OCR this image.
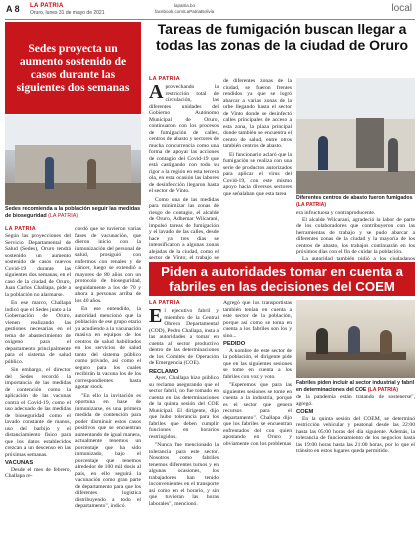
A 8 LA PATRIA
Oruro, lunes 31 de mayo de 2021
lapatria.bo
facebook.com/LaPatriaBolivia	local
Sedes proyecta un aumento sostenido de casos durante las siguientes dos semanas
Sedes recomienda a la población seguir las medidas de bioseguridad (LA PATRIA)
LA PATRIA

Según las proyecciones del Servicio Departamental de Salud (Sedes), Oruro tendrá sostenido un aumento sostenido de casos nuevos Covid-19 durante las siguientes dos semanas, en el caso de la ciudad de Oruro, Juan Carlos Challapa, pide a la población no alarmarse.

En ese marco, Challapa indicó que el Sedes junto a la Gobernación de Oruro, vienen realizando las gestiones necesarias en el tema de abastecimiento de oxígeno para el departamento principalmente para el sistema de salud público.

Sin embargo, el director del Sedes recordó la importancia de las medidas de contención como la aplicación de las vacunas contra el Covid-19, como el uso adecuado de las medidas de bioseguridad como el lavado constante de manos, uso del barbijo y el distanciamiento físico para que los datos establecidos crezcan a un descenso en las próximas semanas.

VACUNAS

Desde el mes de febrero, Challapa re-

cordó que se tuvieron varias fases de vacunación, que dieron inicio con la inmunización del personal de salud, prosiguió con enfermos con renales y de cáncer, luego se extendió a mayores de 80 años con un protocolo de bioseguridad, seguidamente a los de 70 y ahora a personas arriba de los 40 años.

En ese entendido, la autoridad mencionó que la población de ese grupo etario ya acudiendo a la vacunación masiva en equipos de los centros de salud habilitados en los servicios de salud tanto del sistema público como privado, así como el seguro para los cuales recibirán la vacuna los de los correspondientes hasta agotar stock.

"En ello la invitación es oportuna en base de inmunizarse, es una primera medida de contención para poder disminuir estos casos positivos que se encuentran aumentando de igual manera, actualmente tenemos un porcentaje que ha sido inmunizado, bajo el porcentaje que tenemos alrededor de 100 mil dosis al país, en ello seguirá la vacunación como gran parte de departamento para que los diferentes logística distribuyendo a todo el departamento", indicó.

Tareas de fumigación buscan llegar a todas las zonas de la ciudad de Oruro
LA PATRIA

Aprovechando la restricción total de circulación, las diferentes unidades del Gobierno Autónomo Municipal de Oruro, continuaron con los procesos de fumigación de calles, centros de abasto y sectores de mucha concurrencia como una forma de apoyar las acciones de contagio del Covid-19 que está castigando con todo su rigor a la región en esta tercera ola, en esta ocasión las labores de desinfección llegaron hasta el sector de Vinto.

Como una de las medidas para minimizar las zonas de riesgo de contagio, el alcalde de Oruro, Adhemar Wilcarani, impulsó tareas de fumigación y el lavado de las calles, desde hace ya tres días se intensificaron a algunas zonas alejadas de la ciudad, como el sector de Vinto; el trabajo se

de diferentes zonas de la ciudad, se fueron frentes rendidos ya que se logró abarcar a varias zonas de la urbe llegando hasta el sector de Vinto donde se desinfectó calles principales de acceso a esta zona, la plaza principal donde también se encuentra el centro de salud, entre otros también centros de abasto.

El funcionario aclaró que la fumigación se realiza con una serie de productos autorizados para aplicar el virus del Covid-19, con este mismo apoyo hacia diversos sectores que señalaban que esta tarea

Diferentes centros de abasto fueron fumigados (LA PATRIA)

era infructuosa y contraproducente.

El alcalde Wilcarani, agradeció la labor de parte de los colaboradores que contribuyeron con las herramientas de trabajo y se pudo abarcar a diferentes zonas de la ciudad y la mayoría de los centros de abasto, los trabajos continuarán en los próximos días con el fin de cuidar la población.

La autoridad también pidió a los ciudadanos

Piden a autoridades tomar en cuenta a fabriles en las decisiones del COEM
LA PATRIA

El ejecutivo fabril y miembro de la Central Obrera Departamental (COD), Pedro Challapa, insta a las autoridades a tomar en cuenta al sector productivo dentro de las determinaciones de los Comités de Operación de Emergencia (COE).

RECLAMO

Ayer, Challapa hizo público su reclamo asegurando que el sector fabril, no fue tomado en cuenta en las determinaciones de la quinta sesión del COE Municipal. El dirigente, dijo que hubo tolerancia para los fabriles que deben cumplir funciones en horarios restringidos.

"Nunca fue mencionado la tolerancia para este sector. Nosotros como fabriles tenemos diferentes turnos y en algunas ocasiones, los trabajadores han tenido inconvenientes en el transporte así como en el horario, y sin que tuvieran las horas laborales", mencionó.

Agregó que los transportistas también tenían en cuenta a este sector de la población, porque así como se toma en cuenta a los fabriles son los y sino...

PEDIDO

A nombre de este sector de la población, el dirigente pide que en las siguientes sesiones se tome en cuenta a los fabriles con voz y voto.

"Esperemos que para las siguientes sesiones se tome en cuenta a la industria, porque es el sector que genera recursos para el departamento". Challapa dijo que los fabriles se encuentran enfrentados del con quien apostando en Oruro y obviamente con los problemas

Fabriles piden incluir al sector industrial y fabril en determinaciones del COE (LA PATRIA)

de la pandemia están tratando de sostenerse", agregó.

COEM

En la quinta sesión del COEM, se determinó restricción vehicular y peatonal desde las 22:00 hasta las 05:00 horas del día siguiente. Además, la tolerancia de funcionamiento de los negocios hasta las 19:00 horas hasta las 21:00 horas, por lo que el tránsito en estos lugares queda permitido.
